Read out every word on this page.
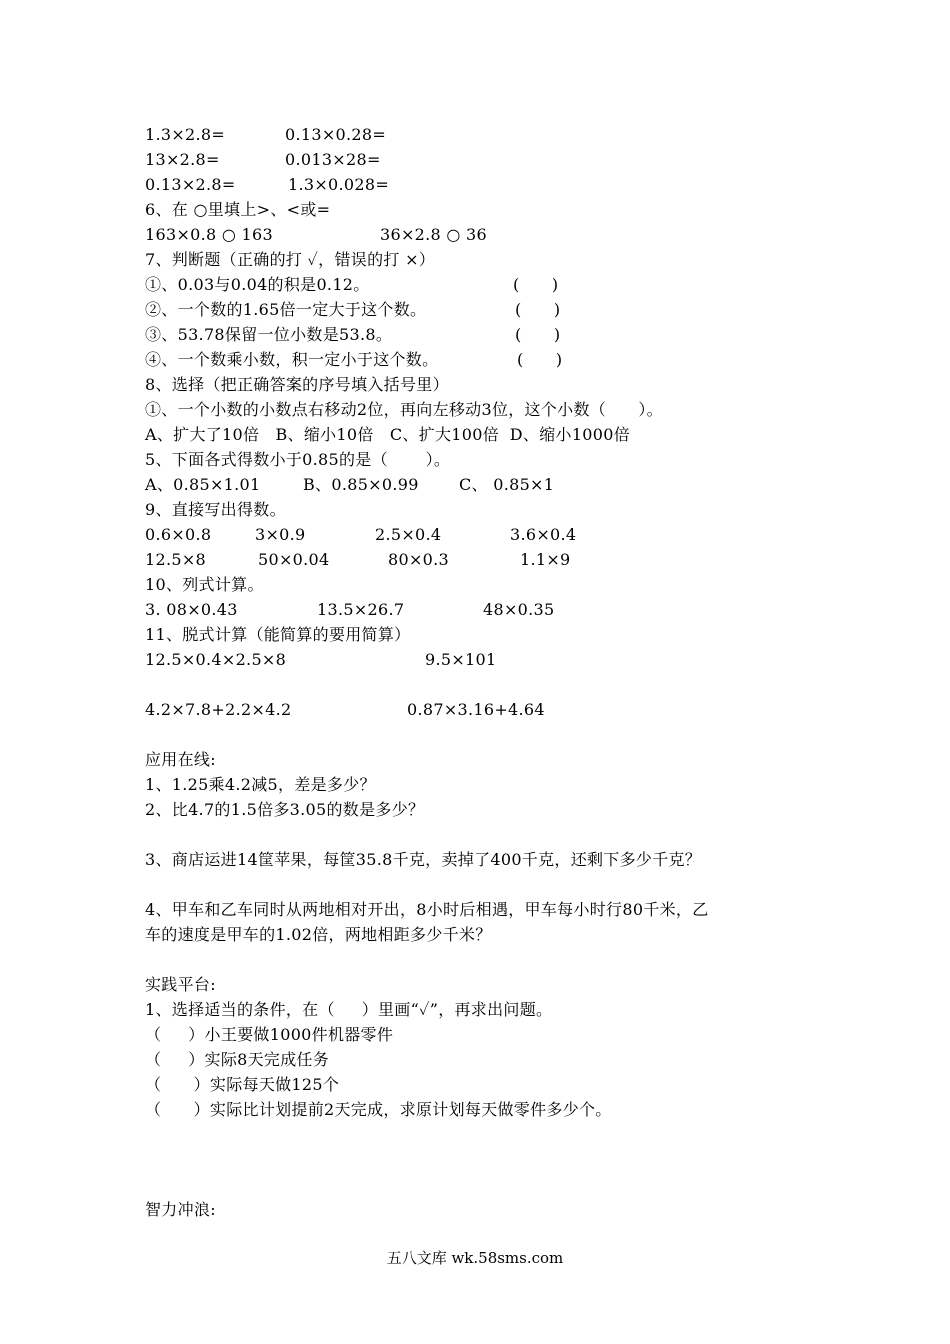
1.3×2.8=

	0.13×0.28=

13×2.8=

	0.013×28=

0.13×2.8=

	1.3×0.028=

6、在 ○里填上>、<或=

163×0.8 ○ 163

	36×2.8 ○ 36

7、判断题（正确的打 ✓，错误的打 ×）

①、0.03与0.04的积是0.12。

	(      )

②、一个数的1.65倍一定大于这个数。

	(      )

③、53.78保留一位小数是53.8。

	(      )

④、一个数乘小数，积一定小于这个数。

	(      )

8、选择（把正确答案的序号填入括号里）

①、一个小数的小数点右移动2位，再向左移动3位，这个小数（      ）。

A、扩大了10倍   B、缩小10倍   C、扩大100倍  D、缩小1000倍

5、下面各式得数小于0.85的是（       ）。

A、0.85×1.01

	B、0.85×0.99

	C、 0.85×1

9、直接写出得数。

0.6×0.8

	3×0.9

	2.5×0.4

	3.6×0.4

12.5×8

	50×0.04

	80×0.3

	1.1×9

10、列式计算。

3. 08×0.43

	13.5×26.7

	48×0.35

11、脱式计算（能简算的要用简算）

12.5×0.4×2.5×8

	9.5×101

4.2×7.8+2.2×4.2

	0.87×3.16+4.64

应用在线:

1、1.25乘4.2减5，差是多少？

2、比4.7的1.5倍多3.05的数是多少？

3、商店运进14筐苹果，每筐35.8千克，卖掉了400千克，还剩下多少千克？

4、甲车和乙车同时从两地相对开出，8小时后相遇，甲车每小时行80千米，乙

车的速度是甲车的1.02倍，两地相距多少千米？

实践平台:

1、选择适当的条件，在（     ）里画“✓”，再求出问题。

（     ）小王要做1000件机器零件

（     ）实际8天完成任务

（      ）实际每天做125个

（      ）实际比计划提前2天完成，求原计划每天做零件多少个。

智力冲浪:

五八文库 wk.58sms.com
